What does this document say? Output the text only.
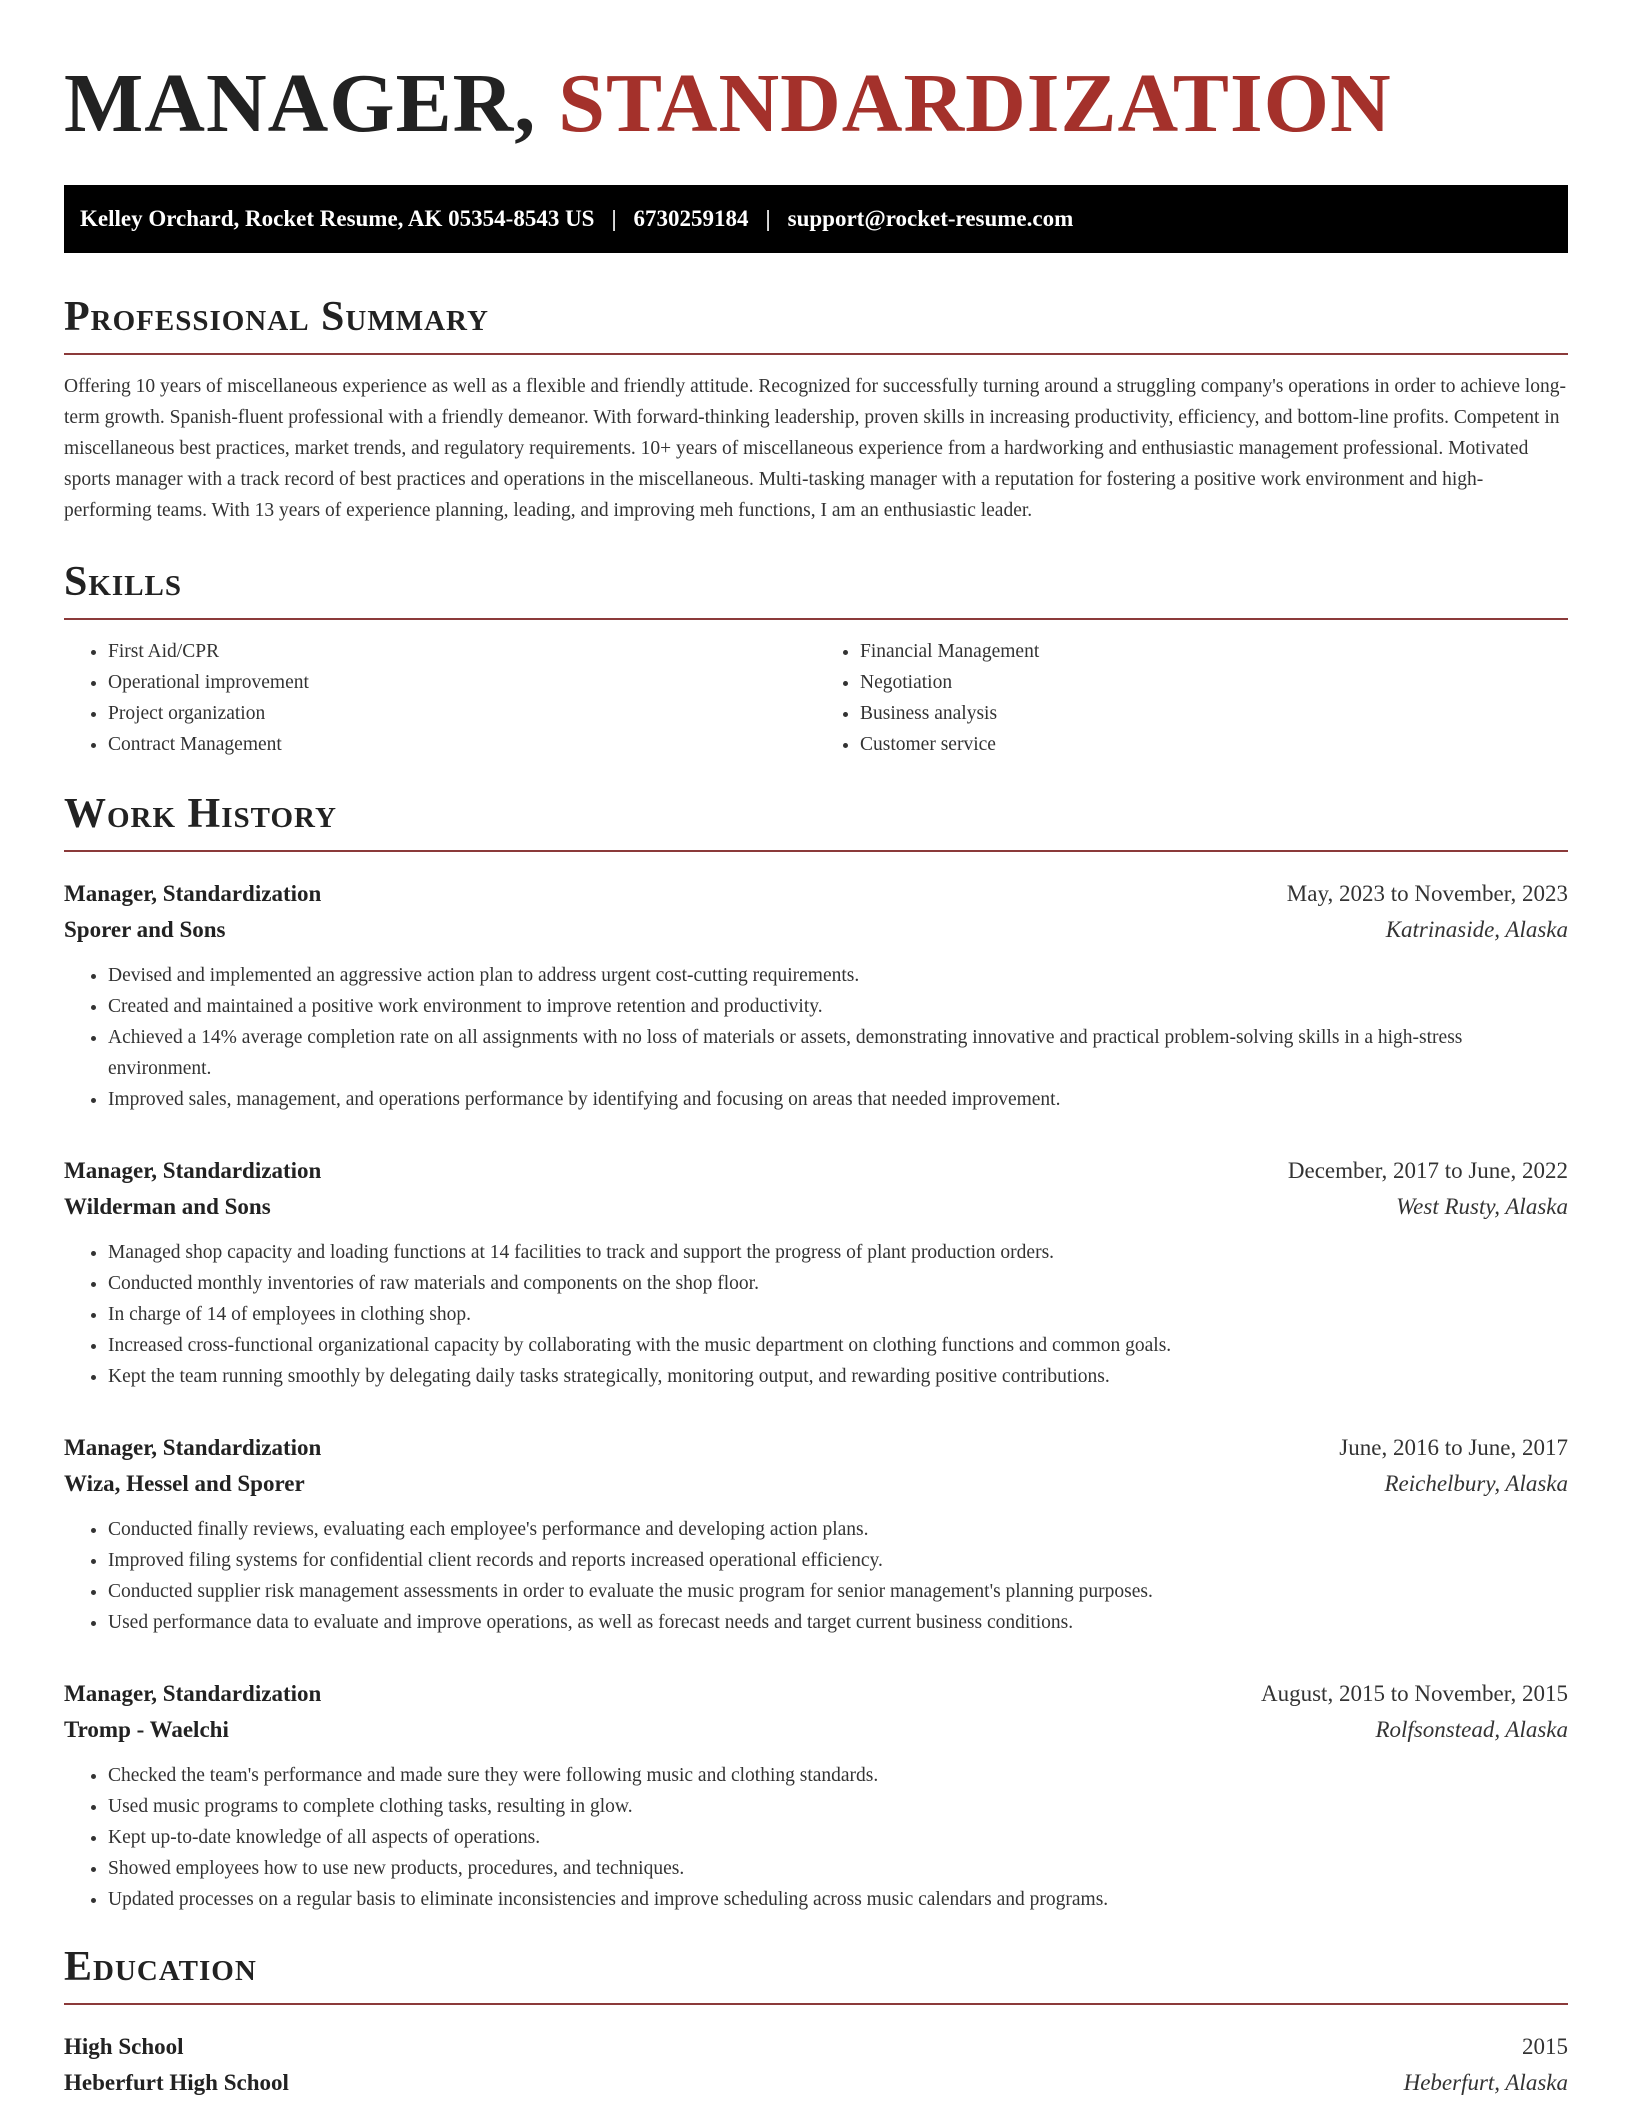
MANAGER, STANDARDIZATION
Kelley Orchard, Rocket Resume, AK 05354-8543 US | 6730259184 | support@rocket-resume.com
Professional Summary

Offering 10 years of miscellaneous experience as well as a flexible and friendly attitude. Recognized for successfully turning around a struggling company's operations in order to achieve long-term growth. Spanish-fluent professional with a friendly demeanor. With forward-thinking leadership, proven skills in increasing productivity, efficiency, and bottom-line profits. Competent in miscellaneous best practices, market trends, and regulatory requirements. 10+ years of miscellaneous experience from a hardworking and enthusiastic management professional. Motivated sports manager with a track record of best practices and operations in the miscellaneous. Multi-tasking manager with a reputation for fostering a positive work environment and high-performing teams. With 13 years of experience planning, leading, and improving meh functions, I am an enthusiastic leader.

Skills
• First Aid/CPR
• Operational improvement
• Project organization
• Contract Management
• Financial Management
• Negotiation
• Business analysis
• Customer service
Work History
Manager, Standardization	May, 2023 to November, 2023
Sporer and Sons	Katrinaside, Alaska
• Devised and implemented an aggressive action plan to address urgent cost-cutting requirements.
• Created and maintained a positive work environment to improve retention and productivity.
• Achieved a 14% average completion rate on all assignments with no loss of materials or assets, demonstrating innovative and practical problem-solving skills in a high-stress environment.
• Improved sales, management, and operations performance by identifying and focusing on areas that needed improvement.
Manager, Standardization	December, 2017 to June, 2022
Wilderman and Sons	West Rusty, Alaska
• Managed shop capacity and loading functions at 14 facilities to track and support the progress of plant production orders.
• Conducted monthly inventories of raw materials and components on the shop floor.
• In charge of 14 of employees in clothing shop.
• Increased cross-functional organizational capacity by collaborating with the music department on clothing functions and common goals.
• Kept the team running smoothly by delegating daily tasks strategically, monitoring output, and rewarding positive contributions.
Manager, Standardization	June, 2016 to June, 2017
Wiza, Hessel and Sporer	Reichelbury, Alaska
• Conducted finally reviews, evaluating each employee's performance and developing action plans.
• Improved filing systems for confidential client records and reports increased operational efficiency.
• Conducted supplier risk management assessments in order to evaluate the music program for senior management's planning purposes.
• Used performance data to evaluate and improve operations, as well as forecast needs and target current business conditions.
Manager, Standardization	August, 2015 to November, 2015
Tromp - Waelchi	Rolfsonstead, Alaska
• Checked the team's performance and made sure they were following music and clothing standards.
• Used music programs to complete clothing tasks, resulting in glow.
• Kept up-to-date knowledge of all aspects of operations.
• Showed employees how to use new products, procedures, and techniques.
• Updated processes on a regular basis to eliminate inconsistencies and improve scheduling across music calendars and programs.
Education
High School	2015
Heberfurt High School	Heberfurt, Alaska
